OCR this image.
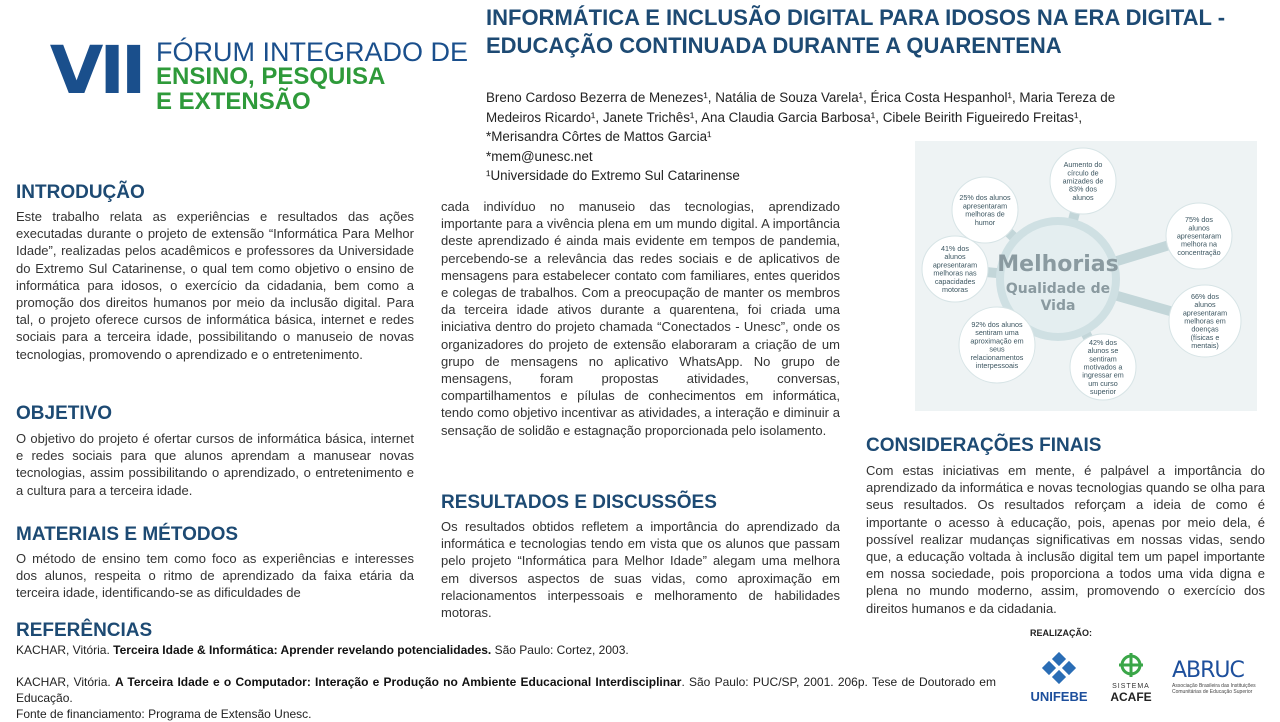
VII FÓRUM INTEGRADO DE
ENSINO, PESQUISA
E EXTENSÃO
INFORMÁTICA E INCLUSÃO DIGITAL PARA IDOSOS NA ERA DIGITAL - EDUCAÇÃO CONTINUADA DURANTE A QUARENTENA
Breno Cardoso Bezerra de Menezes¹, Natália de Souza Varela¹, Érica Costa Hespanhol¹, Maria Tereza de
Medeiros Ricardo¹, Janete Trichês¹, Ana Claudia Garcia Barbosa¹, Cibele Beirith Figueiredo Freitas¹,
*Merisandra Côrtes de Mattos Garcia¹
*mem@unesc.net
¹Universidade do Extremo Sul Catarinense
INTRODUÇÃO
Este trabalho relata as experiências e resultados das ações executadas durante o projeto de extensão “Informática Para Melhor Idade”, realizadas pelos acadêmicos e professores da Universidade do Extremo Sul Catarinense, o qual tem como objetivo o ensino de informática para idosos, o exercício da cidadania, bem como a promoção dos direitos humanos por meio da inclusão digital. Para tal, o projeto oferece cursos de informática básica, internet e redes sociais para a terceira idade, possibilitando o manuseio de novas tecnologias, promovendo o aprendizado e o entretenimento.
OBJETIVO
O objetivo do projeto é ofertar cursos de informática básica, internet e redes sociais para que alunos aprendam a manusear novas tecnologias, assim possibilitando o aprendizado, o entretenimento e a cultura para a terceira idade.
MATERIAIS E MÉTODOS
O método de ensino tem como foco as experiências e interesses dos alunos, respeita o ritmo de aprendizado da faixa etária da terceira idade, identificando-se as dificuldades de
cada indivíduo no manuseio das tecnologias, aprendizado importante para a vivência plena em um mundo digital. A importância deste aprendizado é ainda mais evidente em tempos de pandemia, percebendo-se a relevância das redes sociais e de aplicativos de mensagens para estabelecer contato com familiares, entes queridos e colegas de trabalhos. Com a preocupação de manter os membros da terceira idade ativos durante a quarentena, foi criada uma iniciativa dentro do projeto chamada “Conectados - Unesc”, onde os organizadores do projeto de extensão elaboraram a criação de um grupo de mensagens no aplicativo WhatsApp. No grupo de mensagens, foram propostas atividades, conversas, compartilhamentos e pílulas de conhecimentos em informática, tendo como objetivo incentivar as atividades, a interação e diminuir a sensação de solidão e estagnação proporcionada pelo isolamento.
RESULTADOS E DISCUSSÕES
Os resultados obtidos refletem a importância do aprendizado da informática e tecnologias tendo em vista que os alunos que passam pelo projeto “Informática para Melhor Idade” alegam uma melhora em diversos aspectos de suas vidas, como aproximação em relacionamentos interpessoais e melhoramento de habilidades motoras.
Melhorias
Qualidade de
Vida
Aumento do círculo de amizades de 83% dos alunos
75% dos alunos apresentaram melhora na concentração
66% dos alunos apresentaram melhoras em doenças (físicas e mentais)
42% dos alunos se sentiram motivados a ingressar em um curso superior
92% dos alunos sentiram uma aproximação em seus relacionamentos interpessoais
41% dos alunos apresentaram melhoras nas capacidades motoras
25% dos alunos apresentaram melhoras de humor
CONSIDERAÇÕES FINAIS
Com estas iniciativas em mente, é palpável a importância do aprendizado da informática e novas tecnologias quando se olha para seus resultados. Os resultados reforçam a ideia de como é importante o acesso à educação, pois, apenas por meio dela, é possível realizar mudanças significativas em nossas vidas, sendo que, a educação voltada à inclusão digital tem um papel importante em nossa sociedade, pois proporciona a todos uma vida digna e plena no mundo moderno, assim, promovendo o exercício dos direitos humanos e da cidadania.
REFERÊNCIAS
KACHAR, Vitória. Terceira Idade & Informática: Aprender revelando potencialidades. São Paulo: Cortez, 2003.
KACHAR, Vitória. A Terceira Idade e o Computador: Interação e Produção no Ambiente Educacional Interdisciplinar. São Paulo: PUC/SP, 2001. 206p. Tese de Doutorado em Educação.
Fonte de financiamento: Programa de Extensão Unesc.
REALIZAÇÃO:
UNIFEBE
SISTEMA
ACAFE
ABRUC
Associação Brasileira das Instituições
Comunitárias de Educação Superior
